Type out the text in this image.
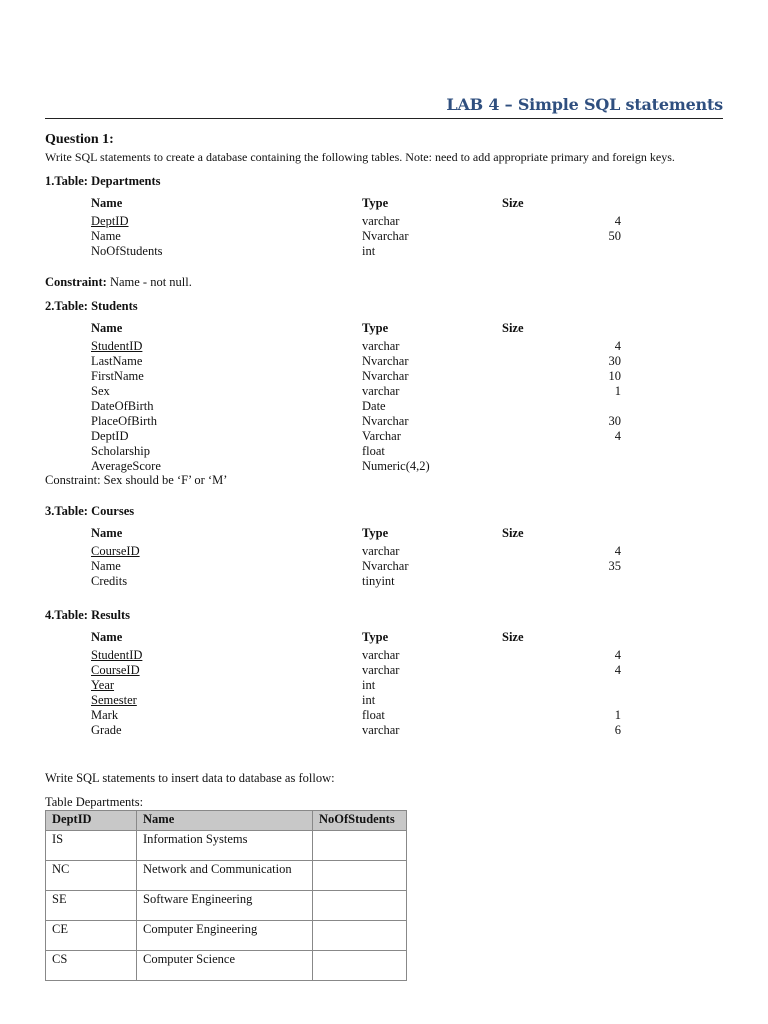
LAB 4 – Simple SQL statements
Question 1:
Write SQL statements to create a database containing the following tables. Note: need to add appropriate primary and foreign keys.
1.Table: Departments
Name	Type	Size
DeptID	varchar	4
Name	Nvarchar	50
NoOfStudents	int
Constraint: Name - not null.
2.Table: Students
Name	Type	Size
StudentID	varchar	4
LastName	Nvarchar	30
FirstName	Nvarchar	10
Sex	varchar	1
DateOfBirth	Date
PlaceOfBirth	Nvarchar	30
DeptID	Varchar	4
Scholarship	float
AverageScore	Numeric(4,2)
Constraint: Sex should be ‘F’ or ‘M’
3.Table: Courses
Name	Type	Size
CourseID	varchar	4
Name	Nvarchar	35
Credits	tinyint
4.Table: Results
Name	Type	Size
StudentID	varchar	4
CourseID	varchar	4
Year	int
Semester	int
Mark	float	1
Grade	varchar	6
Write SQL statements to insert data to database as follow:
Table Departments:
DeptID	Name	NoOfStudents
IS	Information Systems	
NC	Network and Communication	
SE	Software Engineering	
CE	Computer Engineering	
CS	Computer Science	
